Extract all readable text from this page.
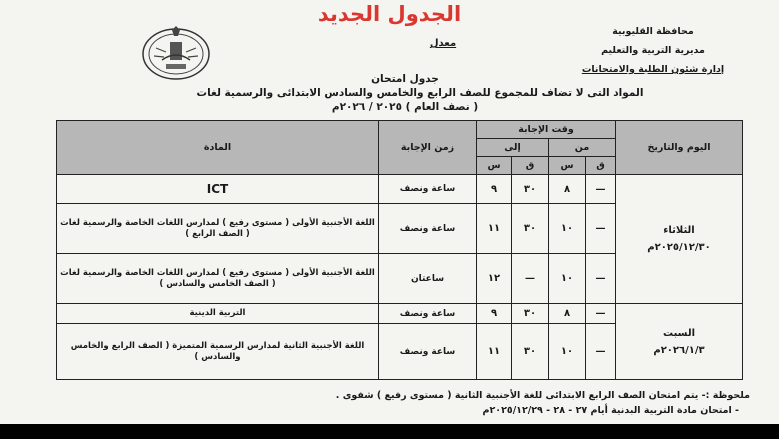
الجدول الجديد
محافظة القليوبية
مديرية التربية والتعليم
إدارة شئون الطلبة والامتحانات
معدل
جدول امتحان
المواد التى لا تضاف للمجموع للصف الرابع والخامس والسادس الابتدائى والرسمية لغات
( نصف العام ) ٢٠٢٥ / ٢٠٢٦م
اليوم والتاريخ	وقت الإجابة				زمن الإجابة	المادة
	من		إلى			
	ق	س	ق	س		

الثلاثاء
٢٠٢٥/١٢/٣٠م	—	٨	٣٠	٩	ساعة ونصف	ICT
	—	١٠	٣٠	١١	ساعة ونصف	اللغة الأجنبية الأولى ( مستوى رفيع ) لمدارس اللغات الخاصة والرسمية لغات ( الصف الرابع )
	—	١٠	—	١٢	ساعتان	اللغة الأجنبية الأولى ( مستوى رفيع ) لمدارس اللغات الخاصة والرسمية لغات ( الصف الخامس والسادس )

السبت
٢٠٢٦/١/٣م	—	٨	٣٠	٩	ساعة ونصف	التربية الدينية
	—	١٠	٣٠	١١	ساعة ونصف	اللغة الأجنبية الثانية لمدارس الرسمية المتميزة ( الصف الرابع والخامس والسادس )
ملحوظة :- يتم امتحان الصف الرابع الابتدائى للغة الأجنبية الثانية ( مستوى رفيع ) شفوى .
- امتحان مادة التربية البدنية أيام ٢٧ - ٢٨ - ٢٠٢٥/١٢/٢٩م
